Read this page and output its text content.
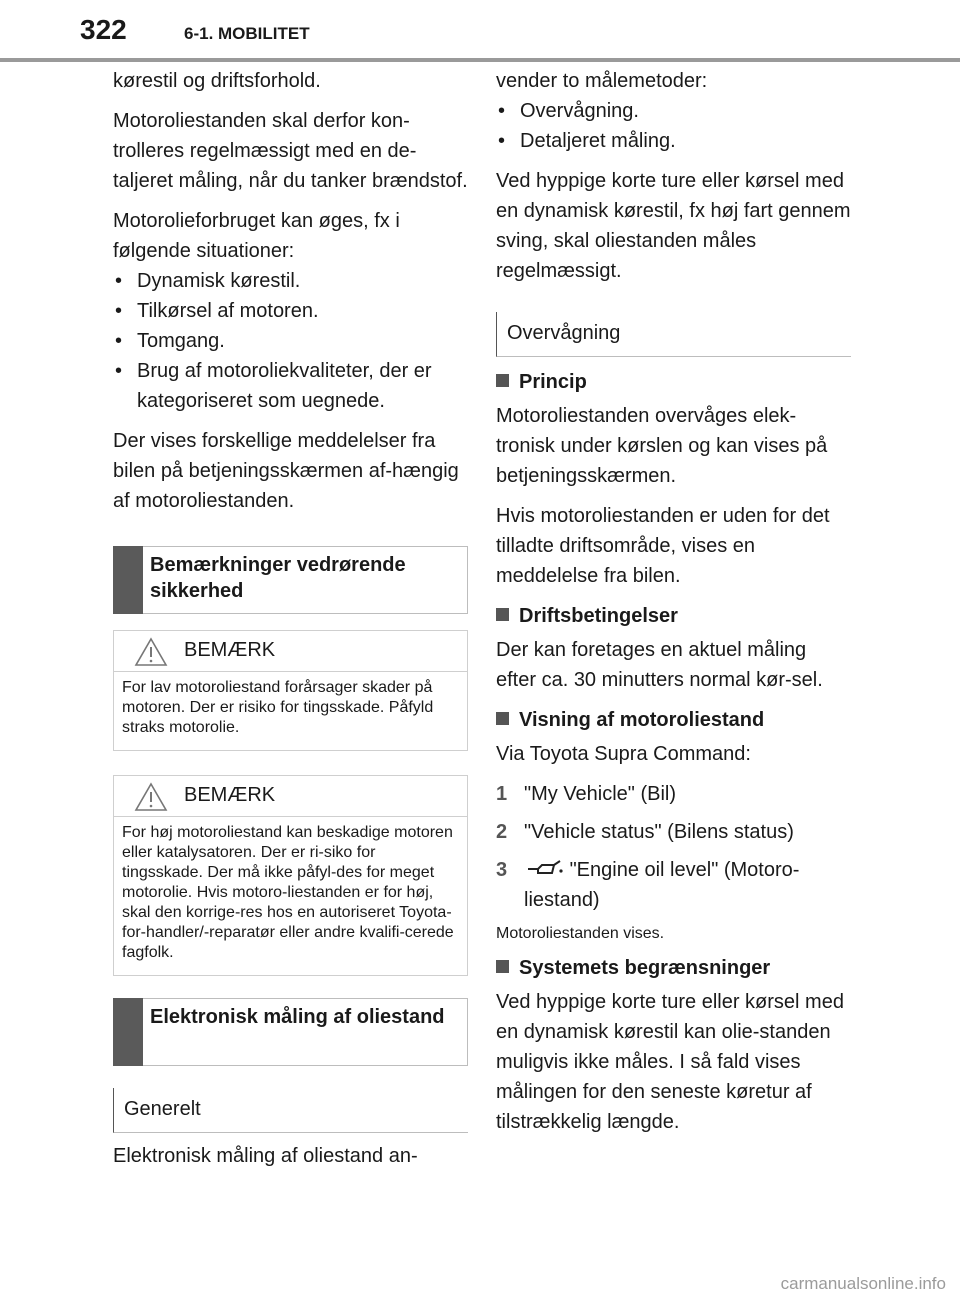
322	6-1. MOBILITET

kørestil og driftsforhold.

Motoroliestanden skal derfor kon-trolleres regelmæssigt med en de-taljeret måling, når du tanker brændstof.

Motorolieforbruget kan øges, fx i følgende situationer:

• Dynamisk kørestil.
• Tilkørsel af motoren.
• Tomgang.
• Brug af motoroliekvaliteter, der er kategoriseret som uegnede.

Der vises forskellige meddelelser fra bilen på betjeningsskærmen af-hængig af motoroliestanden.

Bemærkninger vedrørende sikkerhed
BEMÆRK
For lav motoroliestand forårsager skader på motoren. Der er risiko for tingsskade. Påfyld straks motorolie.
BEMÆRK
For høj motoroliestand kan beskadige motoren eller katalysatoren. Der er ri-siko for tingsskade. Der må ikke påfyl-des for meget motorolie. Hvis motoro-liestanden er for høj, skal den korrige-res hos en autoriseret Toyota-for-handler/-reparatør eller andre kvalifi-cerede fagfolk.
Elektronisk måling af oliestand
Generelt

Elektronisk måling af oliestand an-

vender to målemetoder:

• Overvågning.
• Detaljeret måling.

Ved hyppige korte ture eller kørsel med en dynamisk kørestil, fx høj fart gennem sving, skal oliestanden måles regelmæssigt.

Overvågning
Princip

Motoroliestanden overvåges elek-tronisk under kørslen og kan vises på betjeningsskærmen.

Hvis motoroliestanden er uden for det tilladte driftsområde, vises en meddelelse fra bilen.

Driftsbetingelser

Der kan foretages en aktuel måling efter ca. 30 minutters normal kør-sel.

Visning af motoroliestand

Via Toyota Supra Command:

1 "My Vehicle" (Bil)
2 "Vehicle status" (Bilens status)
3	"Engine oil level" (Motoro-liestand)

Motoroliestanden vises.

Systemets begrænsninger

Ved hyppige korte ture eller kørsel med en dynamisk kørestil kan olie-standen muligvis ikke måles. I så fald vises målingen for den seneste køretur af tilstrækkelig længde.

carmanualsonline.info
